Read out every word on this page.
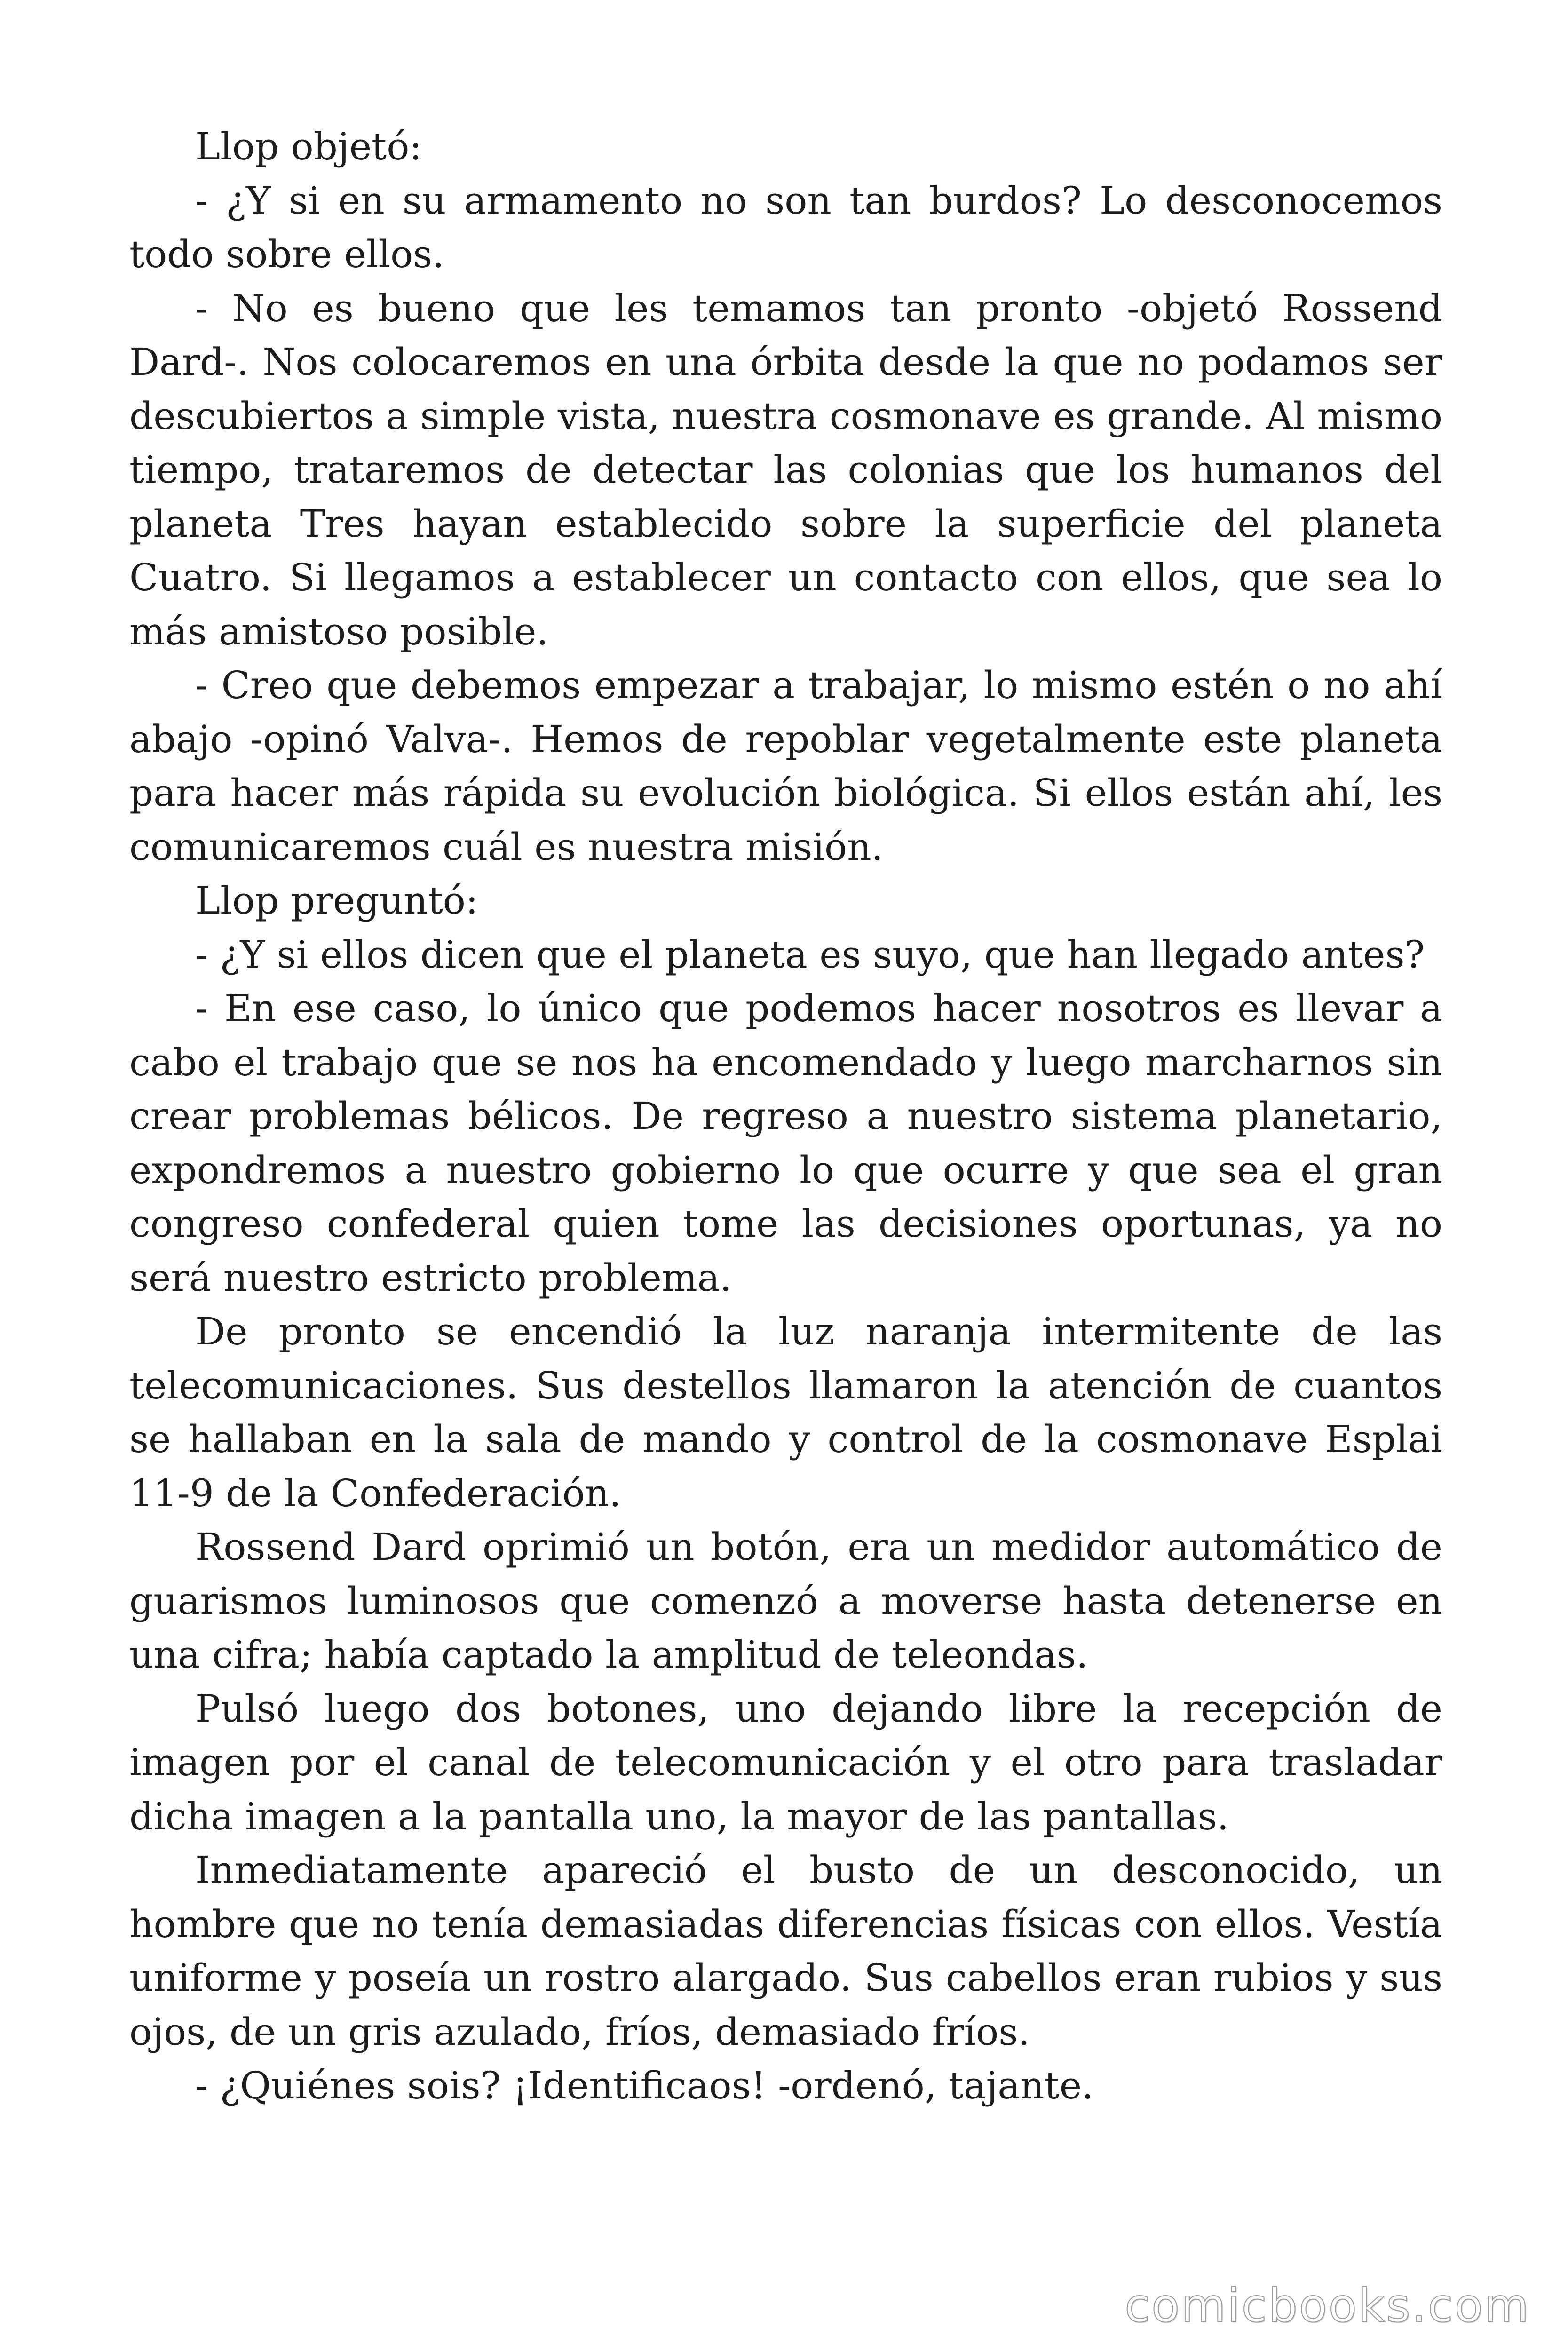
Llop objetó:

- ¿Y si en su armamento no son tan burdos? Lo desconocemos todo sobre ellos.

- No es bueno que les temamos tan pronto -objetó Rossend Dard-. Nos colocaremos en una órbita desde la que no podamos ser descubiertos a simple vista, nuestra cosmonave es grande. Al mismo tiempo, trataremos de detectar las colonias que los humanos del planeta Tres hayan establecido sobre la superficie del planeta Cuatro. Si llegamos a establecer un contacto con ellos, que sea lo más amistoso posible.

- Creo que debemos empezar a trabajar, lo mismo estén o no ahí abajo -opinó Valva-. Hemos de repoblar vegetalmente este planeta para hacer más rápida su evolución biológica. Si ellos están ahí, les comunicaremos cuál es nuestra misión.

Llop preguntó:

- ¿Y si ellos dicen que el planeta es suyo, que han llegado antes?

- En ese caso, lo único que podemos hacer nosotros es llevar a cabo el trabajo que se nos ha encomendado y luego marcharnos sin crear problemas bélicos. De regreso a nuestro sistema planetario, expondremos a nuestro gobierno lo que ocurre y que sea el gran congreso confederal quien tome las decisiones oportunas, ya no será nuestro estricto problema.

De pronto se encendió la luz naranja intermitente de las telecomunicaciones. Sus destellos llamaron la atención de cuantos se hallaban en la sala de mando y control de la cosmonave Esplai 11-9 de la Confederación.

Rossend Dard oprimió un botón, era un medidor automático de guarismos luminosos que comenzó a moverse hasta detenerse en una cifra; había captado la amplitud de teleondas.

Pulsó luego dos botones, uno dejando libre la recepción de imagen por el canal de telecomunicación y el otro para trasladar dicha imagen a la pantalla uno, la mayor de las pantallas.

Inmediatamente apareció el busto de un desconocido, un hombre que no tenía demasiadas diferencias físicas con ellos. Vestía uniforme y poseía un rostro alargado. Sus cabellos eran rubios y sus ojos, de un gris azulado, fríos, demasiado fríos.

- ¿Quiénes sois? ¡Identificaos! -ordenó, tajante.

comicbooks.com
